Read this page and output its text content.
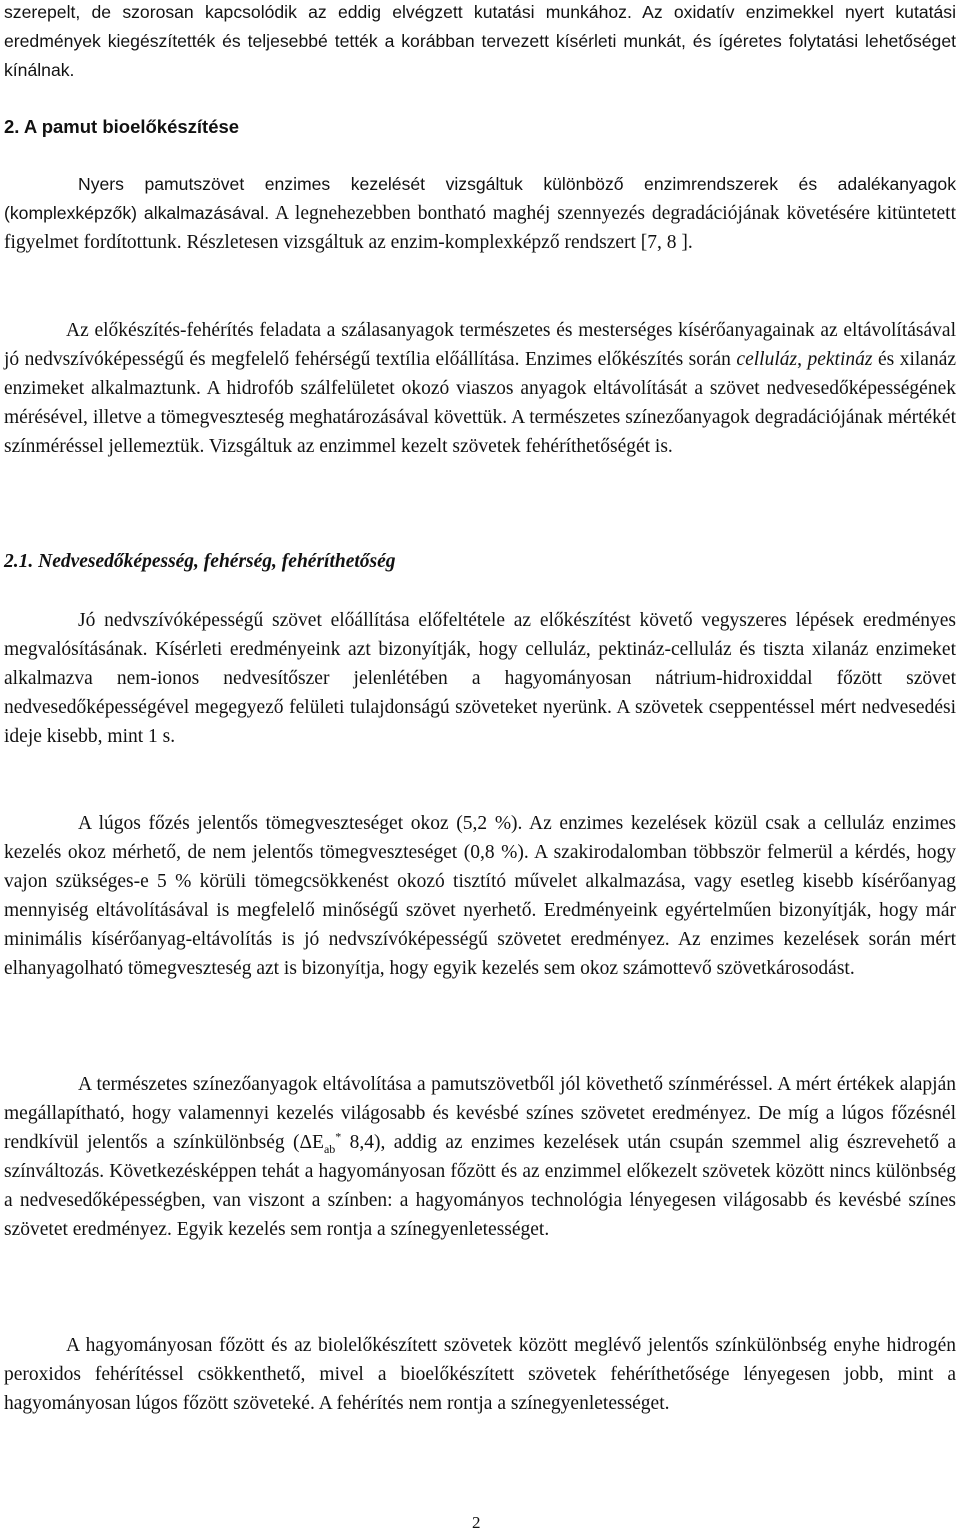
szerepelt, de szorosan kapcsolódik az eddig elvégzett kutatási munkához. Az oxidatív enzimekkel nyert kutatási eredmények kiegészítették és teljesebbé tették a korábban tervezett kísérleti munkát, és ígéretes folytatási lehetőséget kínálnak.

2. A pamut bioelőkészítése

Nyers pamutszövet enzimes kezelését vizsgáltuk különböző enzimrendszerek és adalékanyagok (komplexképzők) alkalmazásával. A legnehezebben bontható maghéj szennyezés degradációjának követésére kitüntetett figyelmet fordítottunk. Részletesen vizsgáltuk az enzim-komplexképző rendszert [7, 8 ].

Az előkészítés-fehérítés feladata a szálasanyagok természetes és mesterséges kísérőanyagainak az eltávolításával jó nedvszívóképességű és megfelelő fehérségű textília előállítása. Enzimes előkészítés során celluláz, pektináz és xilanáz enzimeket alkalmaztunk. A hidrofób szálfelületet okozó viaszos anyagok eltávolítását a szövet nedvesedőképességének mérésével, illetve a tömegveszteség meghatározásával követtük. A természetes színezőanyagok degradációjának mértékét színméréssel jellemeztük. Vizsgáltuk az enzimmel kezelt szövetek fehéríthetőségét is.

2.1. Nedvesedőképesség, fehérség, fehéríthetőség

Jó nedvszívóképességű szövet előállítása előfeltétele az előkészítést követő vegyszeres lépések eredményes megvalósításának. Kísérleti eredményeink azt bizonyítják, hogy celluláz, pektináz-celluláz és tiszta xilanáz enzimeket alkalmazva nem-ionos nedvesítőszer jelenlétében a hagyományosan nátrium-hidroxiddal főzött szövet nedvesedőképességével megegyező felületi tulajdonságú szöveteket nyerünk. A szövetek cseppentéssel mért nedvesedési ideje kisebb, mint 1 s.

A lúgos főzés jelentős tömegveszteséget okoz (5,2 %). Az enzimes kezelések közül csak a celluláz enzimes kezelés okoz mérhető, de nem jelentős tömegveszteséget (0,8 %). A szakirodalomban többször felmerül a kérdés, hogy vajon szükséges-e 5 % körüli tömegcsökkenést okozó tisztító művelet alkalmazása, vagy esetleg kisebb kísérőanyag mennyiség eltávolításával is megfelelő minőségű szövet nyerhető. Eredményeink egyértelműen bizonyítják, hogy már minimális kísérőanyag-eltávolítás is jó nedvszívóképességű szövetet eredményez. Az enzimes kezelések során mért elhanyagolható tömegveszteség azt is bizonyítja, hogy egyik kezelés sem okoz számottevő szövetkárosodást.

A természetes színezőanyagok eltávolítása a pamutszövetből jól követhető színméréssel. A mért értékek alapján megállapítható, hogy valamennyi kezelés világosabb és kevésbé színes szövetet eredményez. De míg a lúgos főzésnél rendkívül jelentős a színkülönbség ($\Delta E_{ab}^*$ 8,4), addig az enzimes kezelések után csupán szemmel alig észrevehető a színváltozás. Következésképpen tehát a hagyományosan főzött és az enzimmel előkezelt szövetek között nincs különbség a nedvesedőképességben, van viszont a színben: a hagyományos technológia lényegesen világosabb és kevésbé színes szövetet eredményez. Egyik kezelés sem rontja a színegyenletességet.

A hagyományosan főzött és az biolelőkészített szövetek között meglévő jelentős színkülönbség enyhe hidrogén peroxidos fehérítéssel csökkenthető, mivel a bioelőkészített szövetek fehéríthetősége lényegesen jobb, mint a hagyományosan lúgos főzött szöveteké. A fehérítés nem rontja a színegyenletességet.

2
